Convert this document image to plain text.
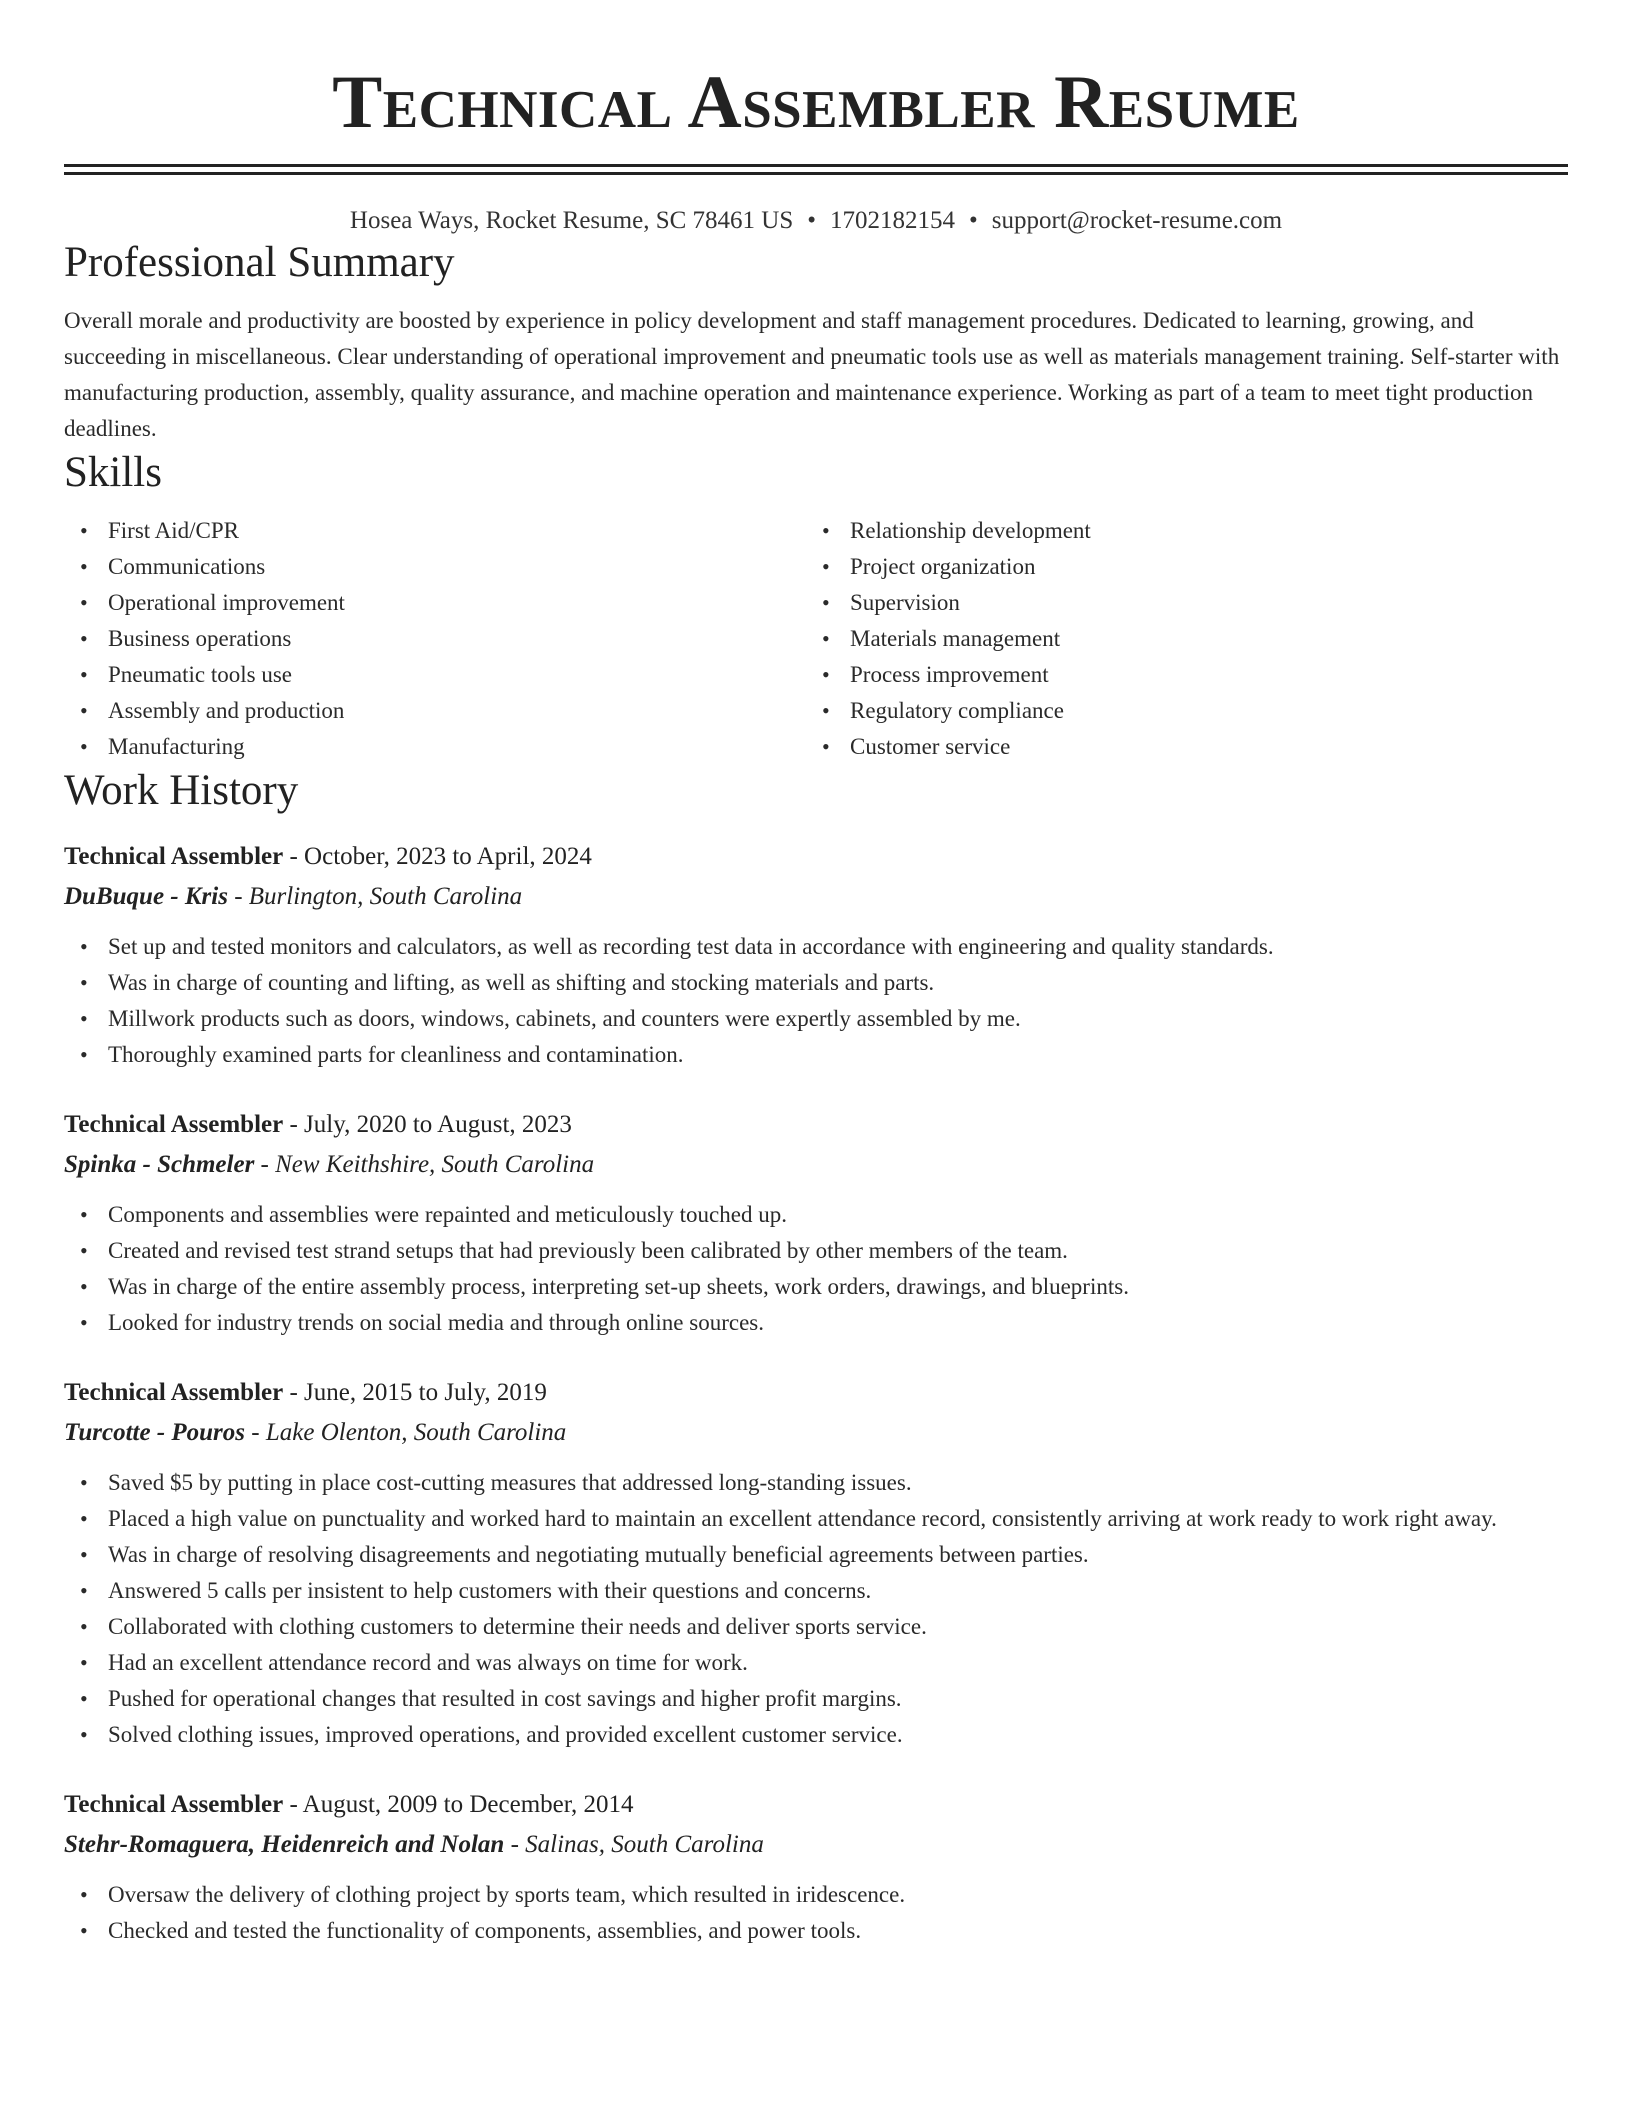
Technical Assembler Resume
Hosea Ways, Rocket Resume, SC 78461 US • 1702182154 • support@rocket-resume.com
Professional Summary
Overall morale and productivity are boosted by experience in policy development and staff management procedures. Dedicated to learning, growing, and succeeding in miscellaneous. Clear understanding of operational improvement and pneumatic tools use as well as materials management training. Self-starter with manufacturing production, assembly, quality assurance, and machine operation and maintenance experience. Working as part of a team to meet tight production deadlines.
Skills
• First Aid/CPR
• Communications
• Operational improvement
• Business operations
• Pneumatic tools use
• Assembly and production
• Manufacturing
• Relationship development
• Project organization
• Supervision
• Materials management
• Process improvement
• Regulatory compliance
• Customer service
Work History
Technical Assembler - October, 2023 to April, 2024
DuBuque - Kris - Burlington, South Carolina
• Set up and tested monitors and calculators, as well as recording test data in accordance with engineering and quality standards.
• Was in charge of counting and lifting, as well as shifting and stocking materials and parts.
• Millwork products such as doors, windows, cabinets, and counters were expertly assembled by me.
• Thoroughly examined parts for cleanliness and contamination.
Technical Assembler - July, 2020 to August, 2023
Spinka - Schmeler - New Keithshire, South Carolina
• Components and assemblies were repainted and meticulously touched up.
• Created and revised test strand setups that had previously been calibrated by other members of the team.
• Was in charge of the entire assembly process, interpreting set-up sheets, work orders, drawings, and blueprints.
• Looked for industry trends on social media and through online sources.
Technical Assembler - June, 2015 to July, 2019
Turcotte - Pouros - Lake Olenton, South Carolina
• Saved $5 by putting in place cost-cutting measures that addressed long-standing issues.
• Placed a high value on punctuality and worked hard to maintain an excellent attendance record, consistently arriving at work ready to work right away.
• Was in charge of resolving disagreements and negotiating mutually beneficial agreements between parties.
• Answered 5 calls per insistent to help customers with their questions and concerns.
• Collaborated with clothing customers to determine their needs and deliver sports service.
• Had an excellent attendance record and was always on time for work.
• Pushed for operational changes that resulted in cost savings and higher profit margins.
• Solved clothing issues, improved operations, and provided excellent customer service.
Technical Assembler - August, 2009 to December, 2014
Stehr-Romaguera, Heidenreich and Nolan - Salinas, South Carolina
• Oversaw the delivery of clothing project by sports team, which resulted in iridescence.
• Checked and tested the functionality of components, assemblies, and power tools.
